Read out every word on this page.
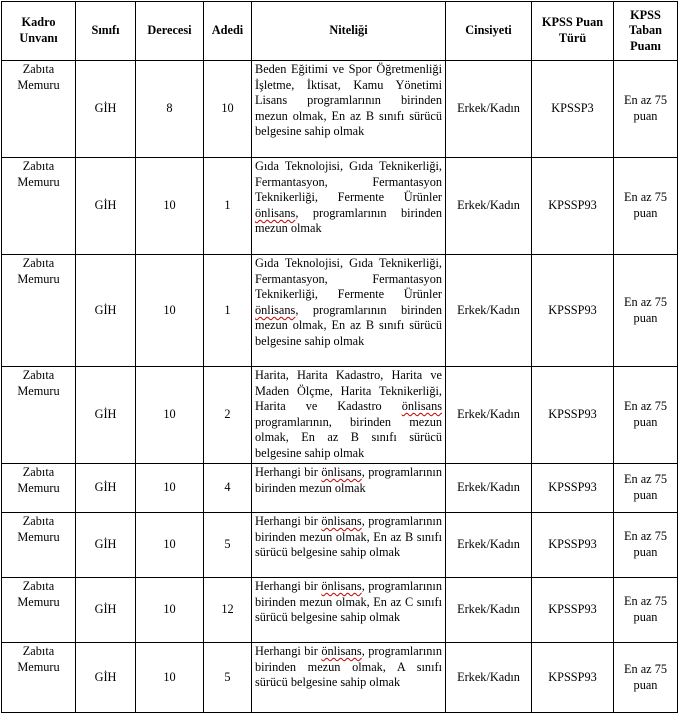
Kadro Unvanı	Sınıfı	Derecesi	Adedi	Niteliği	Cinsiyeti	KPSS Puan Türü	KPSS Taban Puanı
Zabıta Memuru	GİH	8	10	Beden Eğitimi ve Spor Öğretmenliği İşletme, İktisat, Kamu Yönetimi Lisans programlarının birinden mezun olmak, En az B sınıfı sürücü belgesine sahip olmak	Erkek/Kadın	KPSSP3	En az 75 puan
Zabıta Memuru	GİH	10	1	Gıda Teknolojisi, Gıda Teknikerliği, Fermantasyon, Fermantasyon Teknikerliği, Fermente Ürünler önlisans, programlarının birinden mezun olmak	Erkek/Kadın	KPSSP93	En az 75 puan
Zabıta Memuru	GİH	10	1	Gıda Teknolojisi, Gıda Teknikerliği, Fermantasyon, Fermantasyon Teknikerliği, Fermente Ürünler önlisans, programlarının birinden mezun olmak, En az B sınıfı sürücü belgesine sahip olmak	Erkek/Kadın	KPSSP93	En az 75 puan
Zabıta Memuru	GİH	10	2	Harita, Harita Kadastro, Harita ve Maden Ölçme, Harita Teknikerliği, Harita ve Kadastro önlisans programlarının, birinden mezun olmak, En az B sınıfı sürücü belgesine sahip olmak	Erkek/Kadın	KPSSP93	En az 75 puan
Zabıta Memuru	GİH	10	4	Herhangi bir önlisans, programlarının birinden mezun olmak	Erkek/Kadın	KPSSP93	En az 75 puan
Zabıta Memuru	GİH	10	5	Herhangi bir önlisans, programlarının birinden mezun olmak, En az B sınıfı sürücü belgesine sahip olmak	Erkek/Kadın	KPSSP93	En az 75 puan
Zabıta Memuru	GİH	10	12	Herhangi bir önlisans, programlarının birinden mezun olmak, En az C sınıfı sürücü belgesine sahip olmak	Erkek/Kadın	KPSSP93	En az 75 puan
Zabıta Memuru	GİH	10	5	Herhangi bir önlisans, programlarının birinden mezun olmak, A sınıfı sürücü belgesine sahip olmak	Erkek/Kadın	KPSSP93	En az 75 puan
